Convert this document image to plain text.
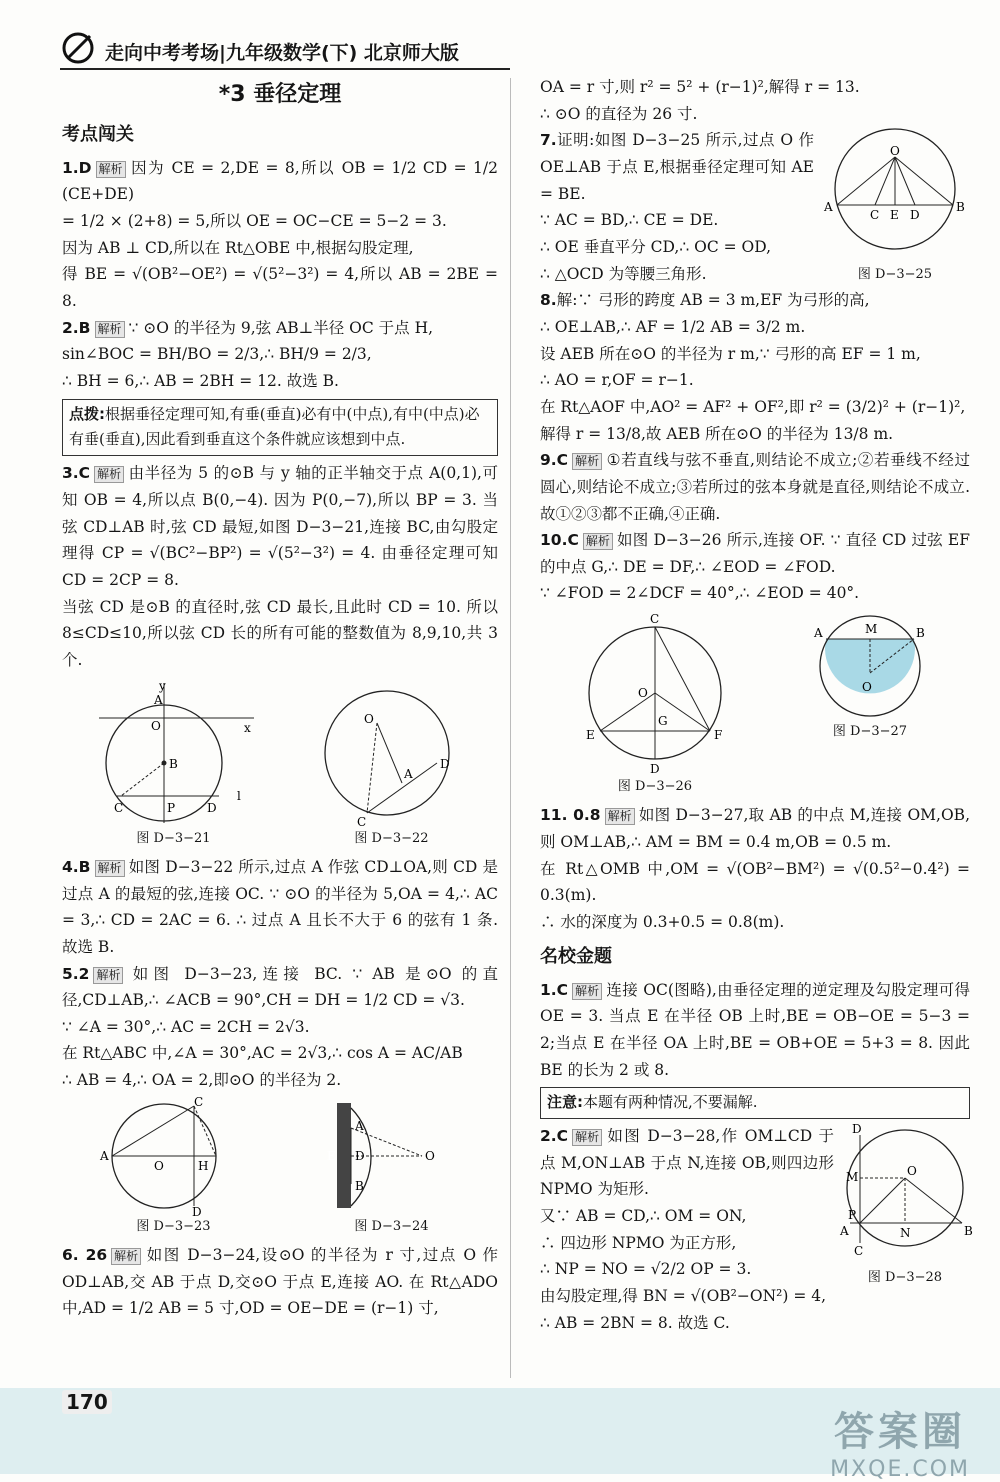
走向中考考场|九年级数学(下) 北京师大版
*3 垂径定理
考点闯关

1.D 解析 因为 CE = 2,DE = 8,所以 OB = 1/2 CD = 1/2 (CE+DE)

= 1/2 × (2+8) = 5,所以 OE = OC−CE = 5−2 = 3.

因为 AB ⊥ CD,所以在 Rt△OBE 中,根据勾股定理,

得 BE = √(OB²−OE²) = √(5²−3²) = 4,所以 AB = 2BE = 8.

2.B 解析 ∵ ⊙O 的半径为 9,弦 AB⊥半径 OC 于点 H,

sin∠BOC = BH/BO = 2/3,∴ BH/9 = 2/3,

∴ BH = 6,∴ AB = 2BH = 12. 故选 B.

点拨:根据垂径定理可知,有垂(垂直)必有中(中点),有中(中点)必有垂(垂直),因此看到垂直这个条件就应该想到中点.

3.C 解析 由半径为 5 的⊙B 与 y 轴的正半轴交于点 A(0,1),可知 OB = 4,所以点 B(0,−4). 因为 P(0,−7),所以 BP = 3. 当弦 CD⊥AB 时,弦 CD 最短,如图 D−3−21,连接 BC,由勾股定理得 CP = √(BC²−BP²) = √(5²−3²) = 4. 由垂径定理可知 CD = 2CP = 8.

当弦 CD 是⊙B 的直径时,弦 CD 最长,且此时 CD = 10. 所以 8≤CD≤10,所以弦 CD 长的所有可能的整数值为 8,9,10,共 3 个.

B
O
A
y
x
C	P	D
l
图 D−3−21
O
A
C
D
图 D−3−22

4.B 解析 如图 D−3−22 所示,过点 A 作弦 CD⊥OA,则 CD 是过点 A 的最短的弦,连接 OC. ∵ ⊙O 的半径为 5,OA = 4,∴ AC = 3,∴ CD = 2AC = 6. ∴ 过点 A 且长不大于 6 的弦有 1 条. 故选 B.

5.2 解析 如图 D−3−23,连接 BC. ∵ AB 是⊙O 的直径,CD⊥AB,∴ ∠ACB = 90°,CH = DH = 1/2 CD = √3.

∵ ∠A = 30°,∴ AC = 2CH = 2√3.

在 Rt△ABC 中,∠A = 30°,AC = 2√3,∴ cos A = AC/AB

∴ AB = 4,∴ OA = 2,即⊙O 的半径为 2.

A
O	H
C
D
图 D−3−23
E
A
D
B
O
图 D−3−24

6. 26 解析 如图 D−3−24,设⊙O 的半径为 r 寸,过点 O 作 OD⊥AB,交 AB 于点 D,交⊙O 于点 E,连接 AO. 在 Rt△ADO 中,AD = 1/2 AB = 5 寸,OD = OE−DE = (r−1) 寸,

OA = r 寸,则 r² = 5² + (r−1)²,解得 r = 13.

∴ ⊙O 的直径为 26 寸.

O
A
C E D
B
图 D−3−25

7.证明:如图 D−3−25 所示,过点 O 作 OE⊥AB 于点 E,根据垂径定理可知 AE = BE.

∵ AC = BD,∴ CE = DE.

∴ OE 垂直平分 CD,∴ OC = OD,

∴ △OCD 为等腰三角形.

8.解:∵ 弓形的跨度 AB = 3 m,EF 为弓形的高,

∴ OE⊥AB,∴ AF = 1/2 AB = 3/2 m.

设 AEB 所在⊙O 的半径为 r m,∵ 弓形的高 EF = 1 m,

∴ AO = r,OF = r−1.

在 Rt△AOF 中,AO² = AF² + OF²,即 r² = (3/2)² + (r−1)²,

解得 r = 13/8,故 AEB 所在⊙O 的半径为 13/8 m.

9.C 解析 ①若直线与弦不垂直,则结论不成立;②若垂线不经过圆心,则结论不成立;③若所过的弦本身就是直径,则结论不成立. 故①②③都不正确,④正确.

10.C 解析 如图 D−3−26 所示,连接 OF. ∵ 直径 CD 过弦 EF 的中点 G,∴ DE = DF,∴ ∠EOD = ∠FOD.

∵ ∠FOD = 2∠DCF = 40°,∴ ∠EOD = 40°.

C
O
G
E	F
D
图 D−3−26
A	M	B
O
图 D−3−27

11. 0.8 解析 如图 D−3−27,取 AB 的中点 M,连接 OM,OB,则 OM⊥AB,∴ AM = BM = 0.4 m,OB = 0.5 m.

在 Rt△OMB 中,OM = √(OB²−BM²) = √(0.5²−0.4²) = 0.3(m).

∴ 水的深度为 0.3+0.5 = 0.8(m).

名校金题

1.C 解析 连接 OC(图略),由垂径定理的逆定理及勾股定理可得 OE = 3. 当点 E 在半径 OB 上时,BE = OB−OE = 5−3 = 2;当点 E 在半径 OA 上时,BE = OB+OE = 5+3 = 8. 因此 BE 的长为 2 或 8.

注意:本题有两种情况,不要漏解.
D
M	O
P
A	N	B
C
图 D−3−28

2.C 解析 如图 D−3−28,作 OM⊥CD 于点 M,ON⊥AB 于点 N,连接 OB,则四边形 NPMO 为矩形.

又∵ AB = CD,∴ OM = ON,

∴ 四边形 NPMO 为正方形,

∴ NP = NO = √2/2 OP = 3.

由勾股定理,得 BN = √(OB²−ON²) = 4,

∴ AB = 2BN = 8. 故选 C.

170
答案圈
MXQE.COM
